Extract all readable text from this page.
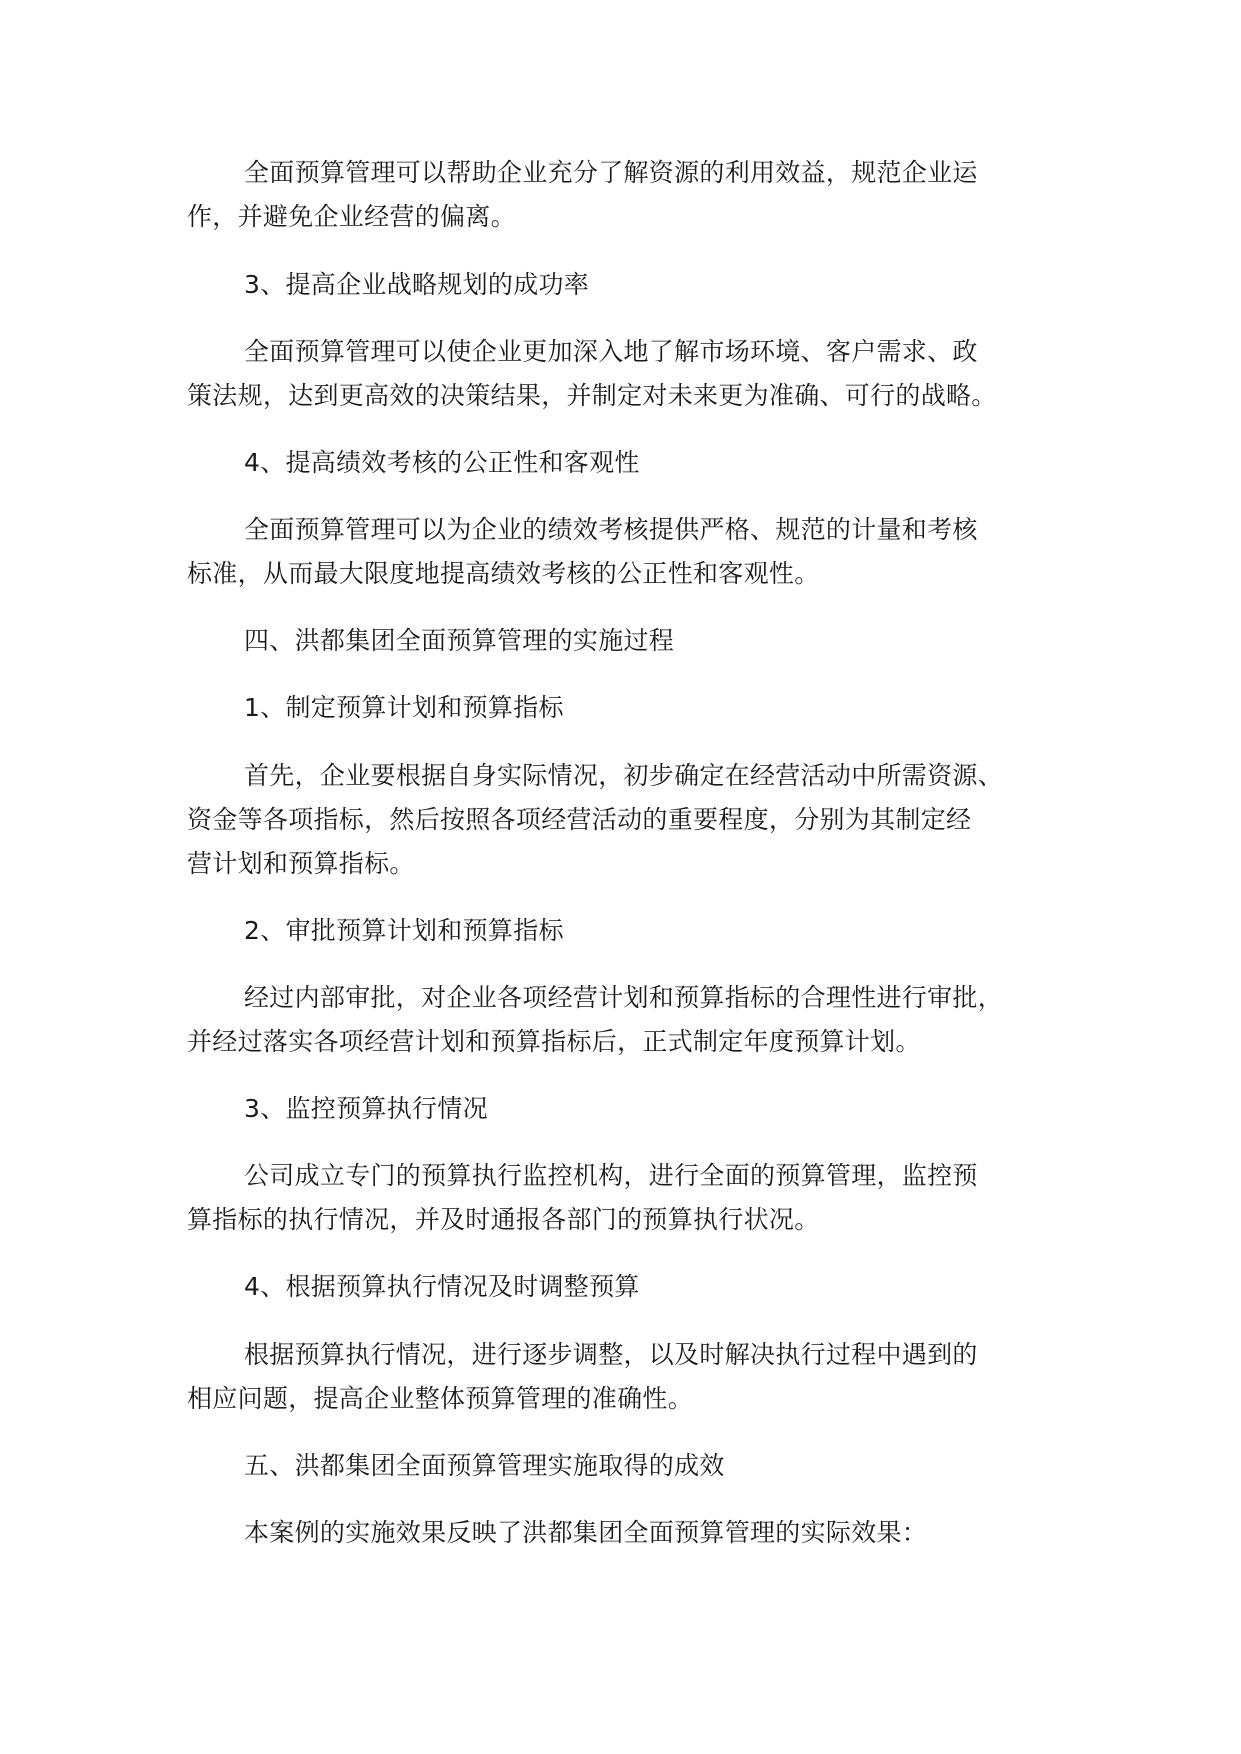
全面预算管理可以帮助企业充分了解资源的利用效益，规范企业运
作，并避免企业经营的偏离。
3、提高企业战略规划的成功率
全面预算管理可以使企业更加深入地了解市场环境、客户需求、政
策法规，达到更高效的决策结果，并制定对未来更为准确、可行的战略。
4、提高绩效考核的公正性和客观性
全面预算管理可以为企业的绩效考核提供严格、规范的计量和考核
标准，从而最大限度地提高绩效考核的公正性和客观性。
四、洪都集团全面预算管理的实施过程
1、制定预算计划和预算指标
首先，企业要根据自身实际情况，初步确定在经营活动中所需资源、
资金等各项指标，然后按照各项经营活动的重要程度，分别为其制定经
营计划和预算指标。
2、审批预算计划和预算指标
经过内部审批，对企业各项经营计划和预算指标的合理性进行审批，
并经过落实各项经营计划和预算指标后，正式制定年度预算计划。
3、监控预算执行情况
公司成立专门的预算执行监控机构，进行全面的预算管理，监控预
算指标的执行情况，并及时通报各部门的预算执行状况。
4、根据预算执行情况及时调整预算
根据预算执行情况，进行逐步调整，以及时解决执行过程中遇到的
相应问题，提高企业整体预算管理的准确性。
五、洪都集团全面预算管理实施取得的成效
本案例的实施效果反映了洪都集团全面预算管理的实际效果：
